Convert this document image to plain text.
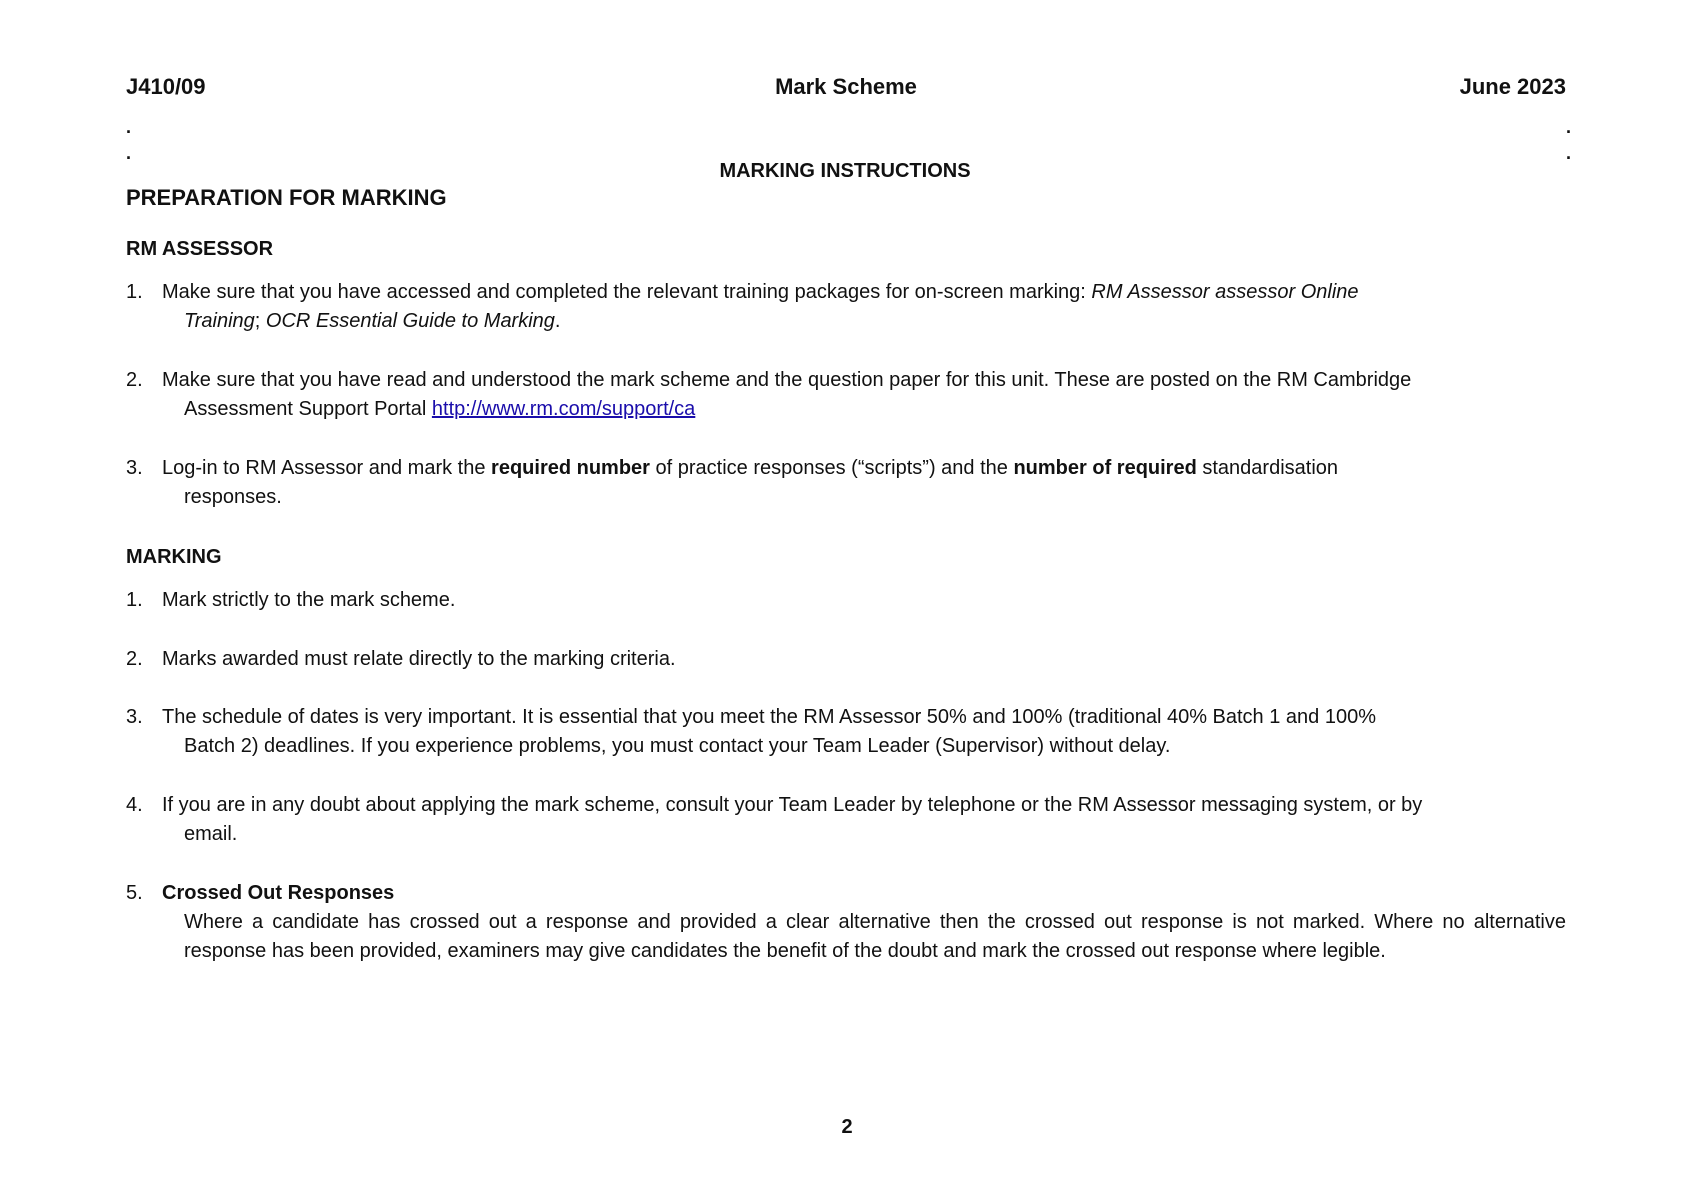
J410/09	Mark Scheme	June 2023
.
.
.
.
MARKING INSTRUCTIONS
PREPARATION FOR MARKING
RM ASSESSOR
1. Make sure that you have accessed and completed the relevant training packages for on-screen marking: RM Assessor assessor Online
Training; OCR Essential Guide to Marking.
2. Make sure that you have read and understood the mark scheme and the question paper for this unit. These are posted on the RM Cambridge
Assessment Support Portal http://www.rm.com/support/ca
3. Log-in to RM Assessor and mark the required number of practice responses (“scripts”) and the number of required standardisation
responses.
MARKING
1. Mark strictly to the mark scheme.
2. Marks awarded must relate directly to the marking criteria.
3. The schedule of dates is very important. It is essential that you meet the RM Assessor 50% and 100% (traditional 40% Batch 1 and 100%
Batch 2) deadlines. If you experience problems, you must contact your Team Leader (Supervisor) without delay.
4. If you are in any doubt about applying the mark scheme, consult your Team Leader by telephone or the RM Assessor messaging system, or by
email.
5. Crossed Out Responses
Where a candidate has crossed out a response and provided a clear alternative then the crossed out response is not marked. Where no alternative response has been provided, examiners may give candidates the benefit of the doubt and mark the crossed out response where legible.
2
